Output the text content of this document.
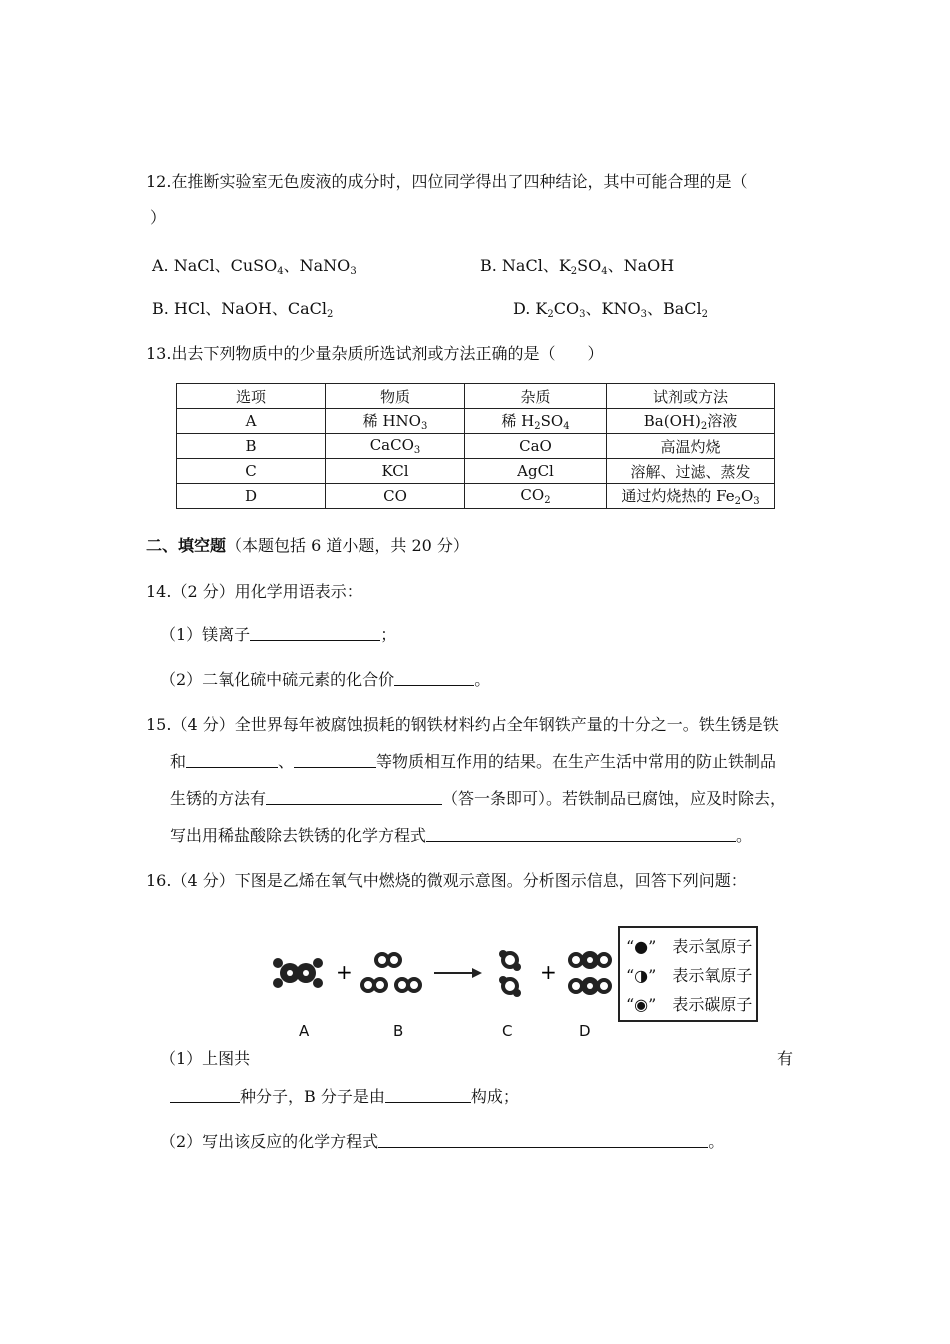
12.在推断实验室无色废液的成分时，四位同学得出了四种结论，其中可能合理的是（
）
A. NaCl、CuSO$_4$、NaNO$_3$	B. NaCl、$K_2SO_4$、NaOH
B. HCl、NaOH、CaCl$_2$	D. $K_2CO_3$、$KNO_3$、BaCl$_2$
13.出去下列物质中的少量杂质所选试剂或方法正确的是（　　）
选项	物质	杂质	试剂或方法
A	稀 $HNO_3$	稀 $H_2SO_4$	$Ba(OH)_2$溶液
B	CaCO$_3$	CaO	高温灼烧
C	KCl	AgCl	溶解、过滤、蒸发
D	CO	$CO_2$	通过灼烧热的 $Fe_2O_3$
二、填空题（本题包括 6 道小题，共 20 分）
14.（2 分）用化学用语表示：
（1）镁离子	；
（2）二氧化硫中硫元素的化合价	。
15.（4 分）全世界每年被腐蚀损耗的钢铁材料约占全年钢铁产量的十分之一。铁生锈是铁
和	、	等物质相互作用的结果。在生产生活中常用的防止铁制品
生锈的方法有	（答一条即可）。若铁制品已腐蚀，应及时除去，
写出用稀盐酸除去铁锈的化学方程式	。
16.（4 分）下图是乙烯在氧气中燃烧的微观示意图。分析图示信息，回答下列问题：
+	+
“●”　表示氢原子
“◑”　表示氧原子
“◉”　表示碳原子
A	B	C	D
（1）上图共	有
种分子，B 分子是由	构成；
（2）写出该反应的化学方程式	。
